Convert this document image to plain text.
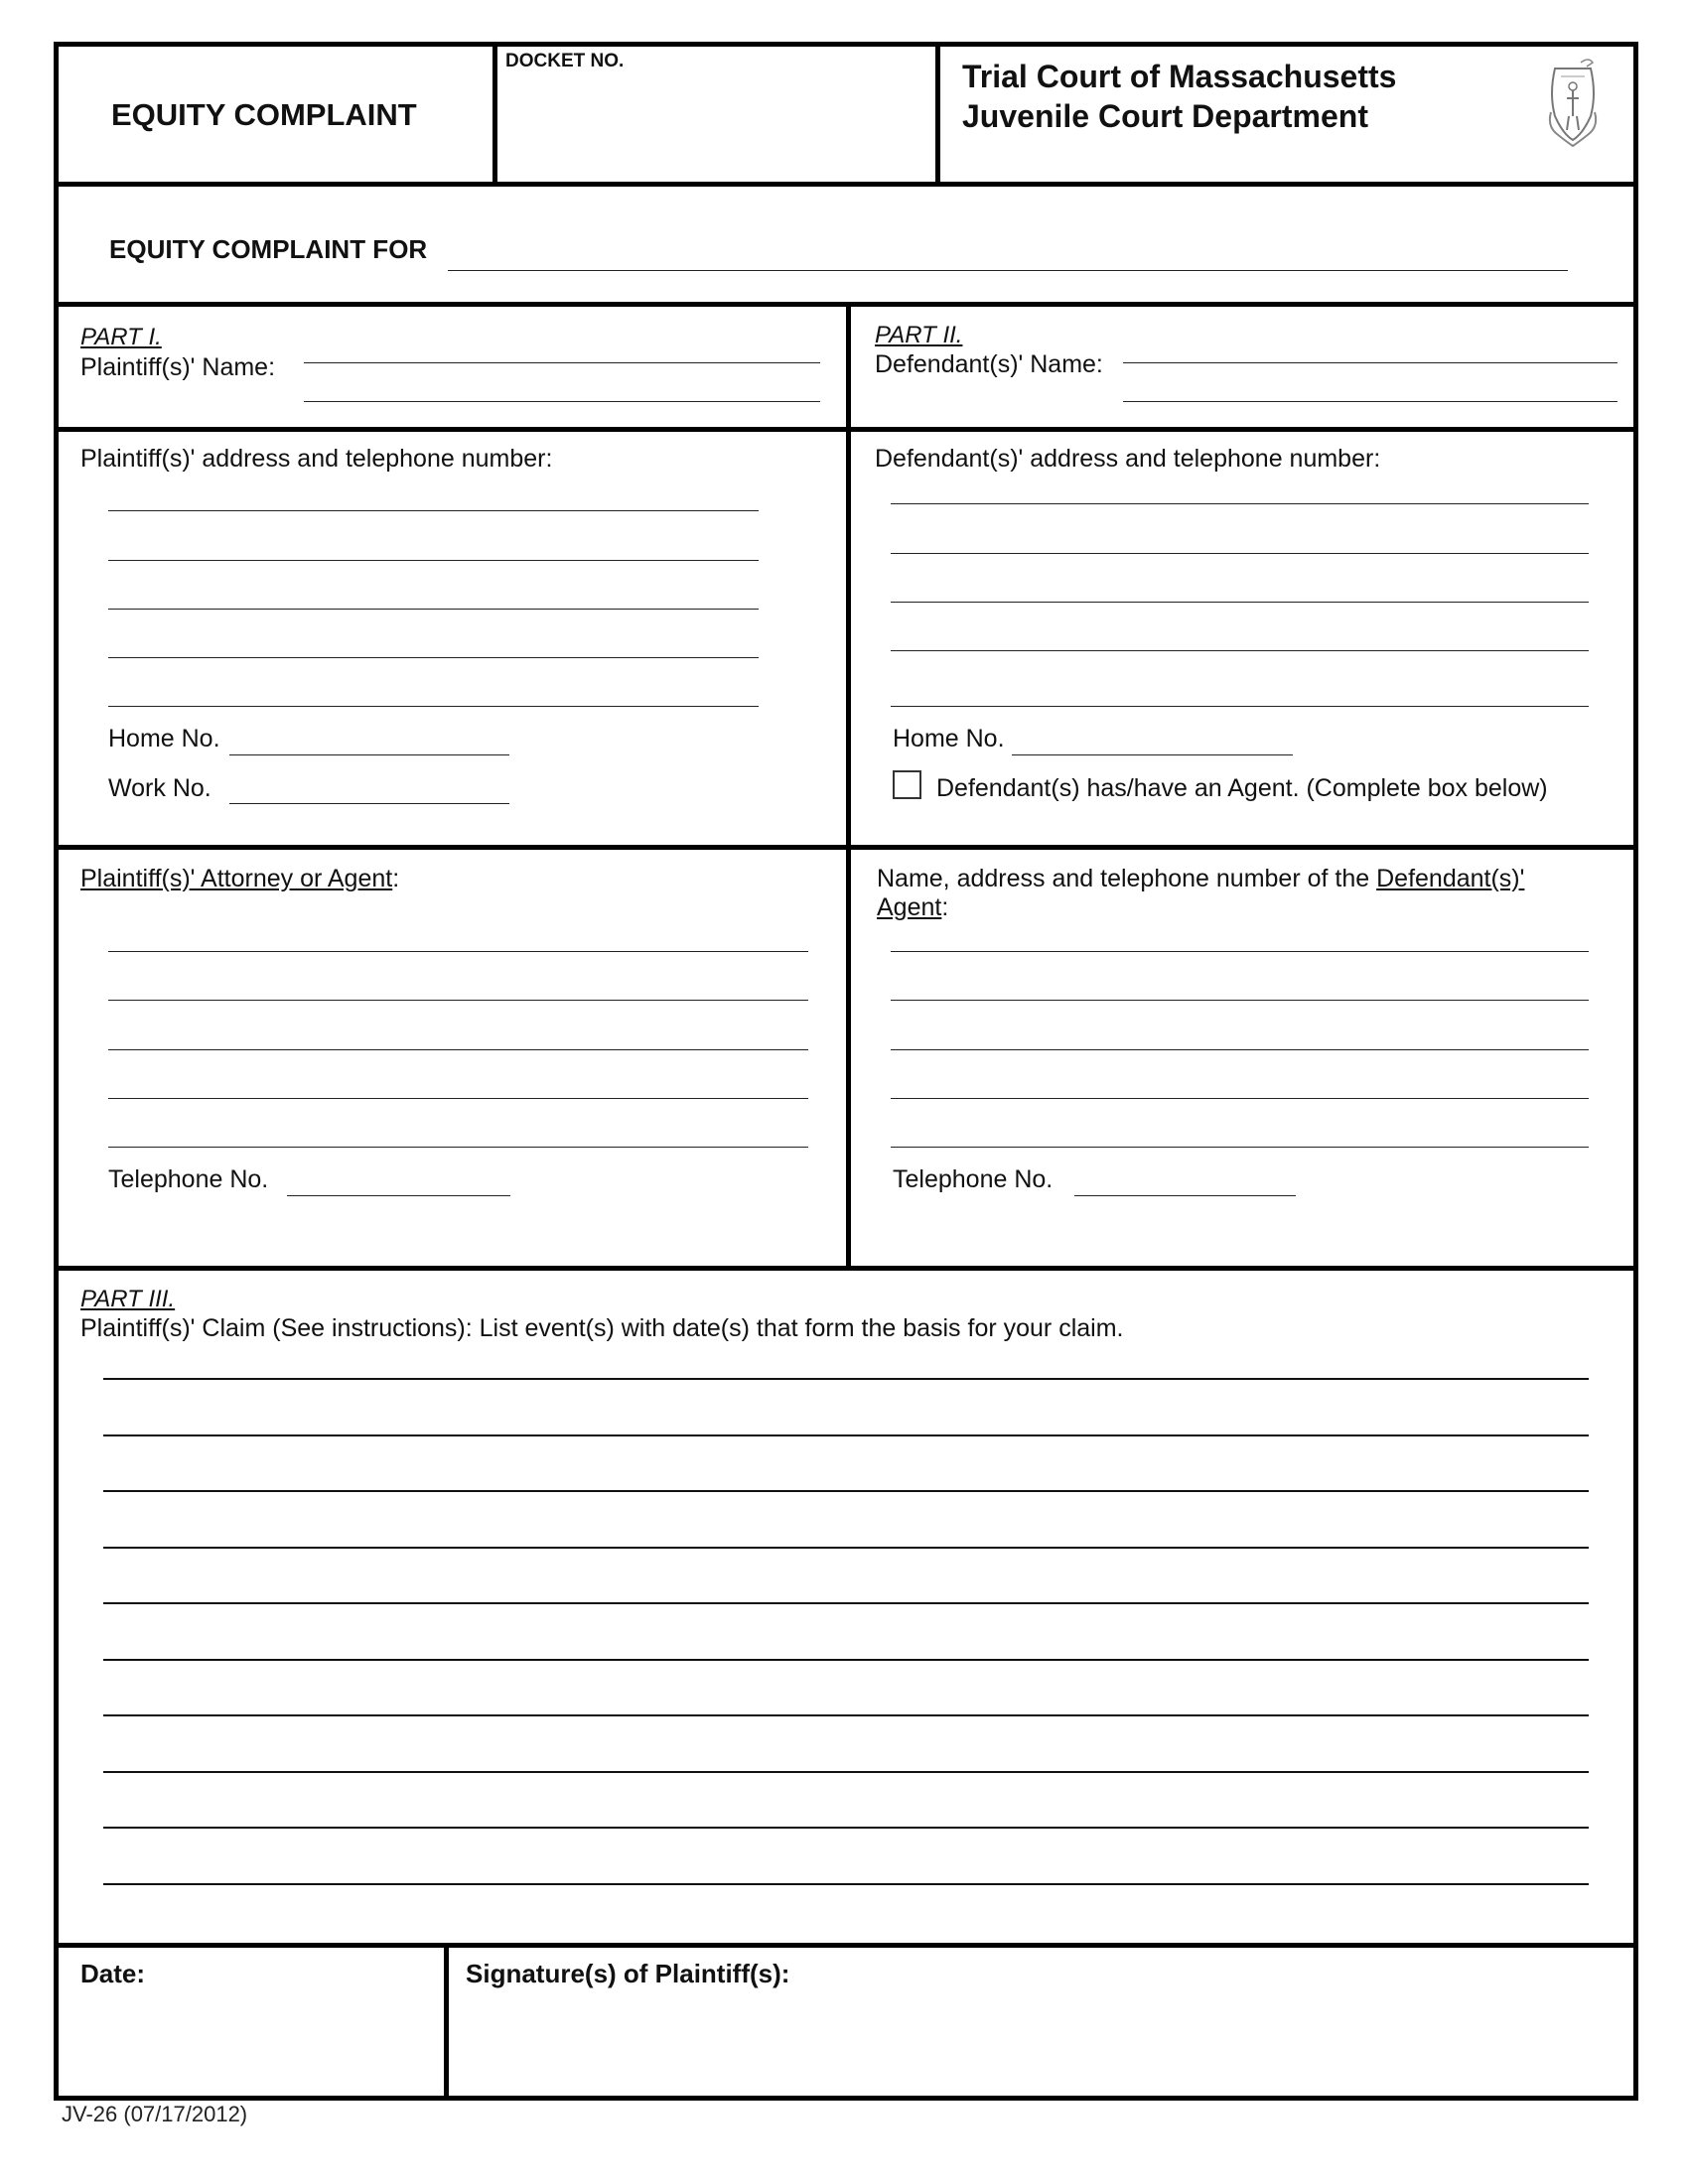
EQUITY COMPLAINT
DOCKET NO.	Trial Court of Massachusetts
Juvenile Court Department
EQUITY COMPLAINT FOR
PART I.
Plaintiff(s)' Name:
PART II.
Defendant(s)' Name:
Plaintiff(s)' address and telephone number:
Home No.
Work No.
Defendant(s)' address and telephone number:
Home No.
Defendant(s) has/have an Agent. (Complete box below)
Plaintiff(s)' Attorney or Agent:
Telephone No.
Name, address and telephone number of the Defendant(s)'
Agent:
Telephone No.
PART III.
Plaintiff(s)' Claim (See instructions): List event(s) with date(s) that form the basis for your claim.
Date:	Signature(s) of Plaintiff(s):
JV-26 (07/17/2012)
